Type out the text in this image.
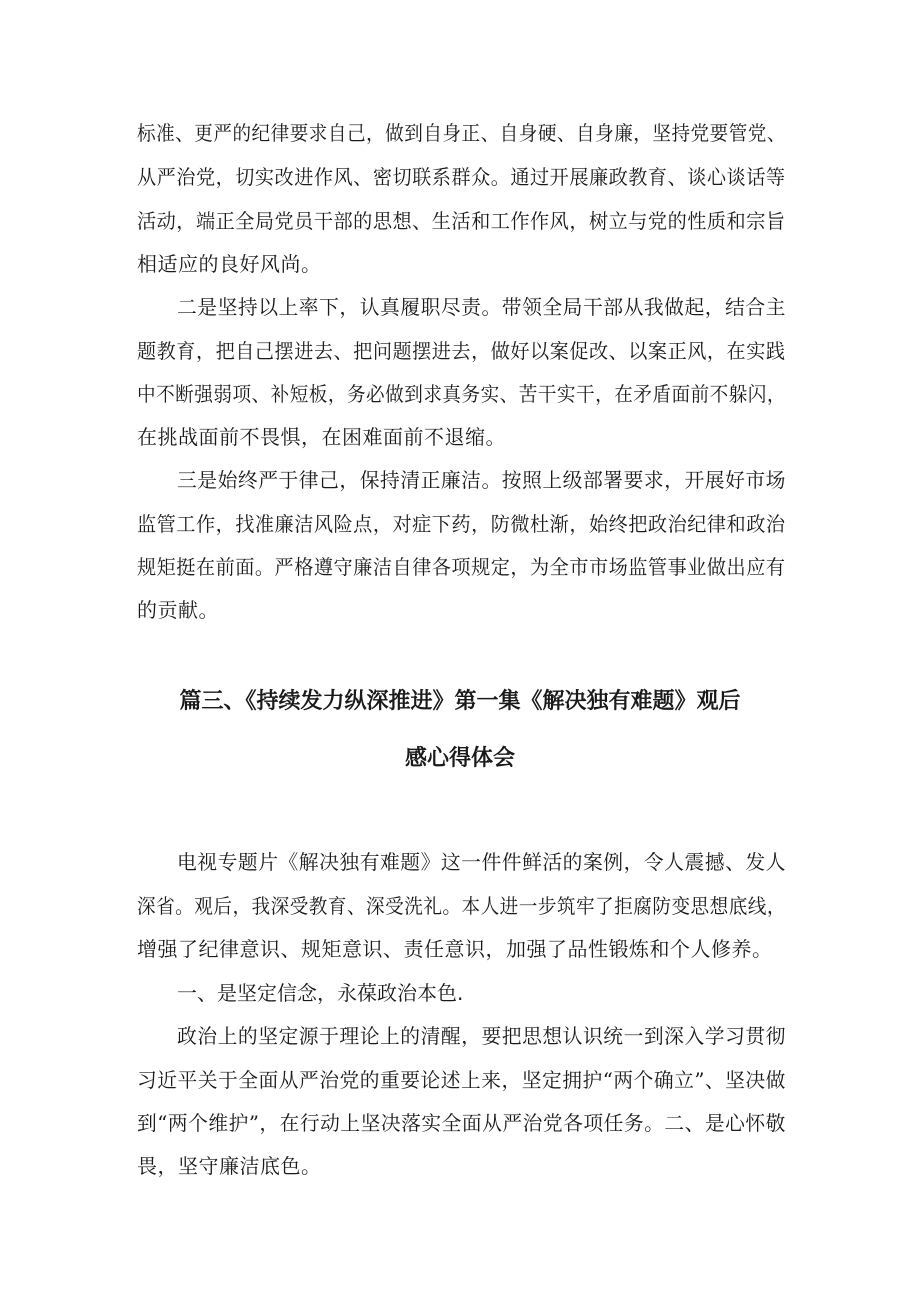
标准、更严的纪律要求自己，做到自身正、自身硬、自身廉，坚持党要管党、
从严治党，切实改进作风、密切联系群众。通过开展廉政教育、谈心谈话等
活动，端正全局党员干部的思想、生活和工作作风，树立与党的性质和宗旨
相适应的良好风尚。
二是坚持以上率下，认真履职尽责。带领全局干部从我做起，结合主
题教育，把自己摆进去、把问题摆进去，做好以案促改、以案正风，在实践
中不断强弱项、补短板，务必做到求真务实、苦干实干，在矛盾面前不躲闪，
在挑战面前不畏惧，在困难面前不退缩。
三是始终严于律己，保持清正廉洁。按照上级部署要求，开展好市场
监管工作，找准廉洁风险点，对症下药，防微杜渐，始终把政治纪律和政治
规矩挺在前面。严格遵守廉洁自律各项规定，为全市市场监管事业做出应有
的贡献。
篇三、《持续发力纵深推进》第一集《解决独有难题》观后
感心得体会
电视专题片《解决独有难题》这一件件鲜活的案例，令人震撼、发人
深省。观后，我深受教育、深受洗礼。本人进一步筑牢了拒腐防变思想底线，
增强了纪律意识、规矩意识、责任意识，加强了品性锻炼和个人修养。
一、是坚定信念，永葆政治本色.
政治上的坚定源于理论上的清醒，要把思想认识统一到深入学习贯彻
习近平关于全面从严治党的重要论述上来，坚定拥护“两个确立”、坚决做
到“两个维护”，在行动上坚决落实全面从严治党各项任务。二、是心怀敬
畏，坚守廉洁底色。
